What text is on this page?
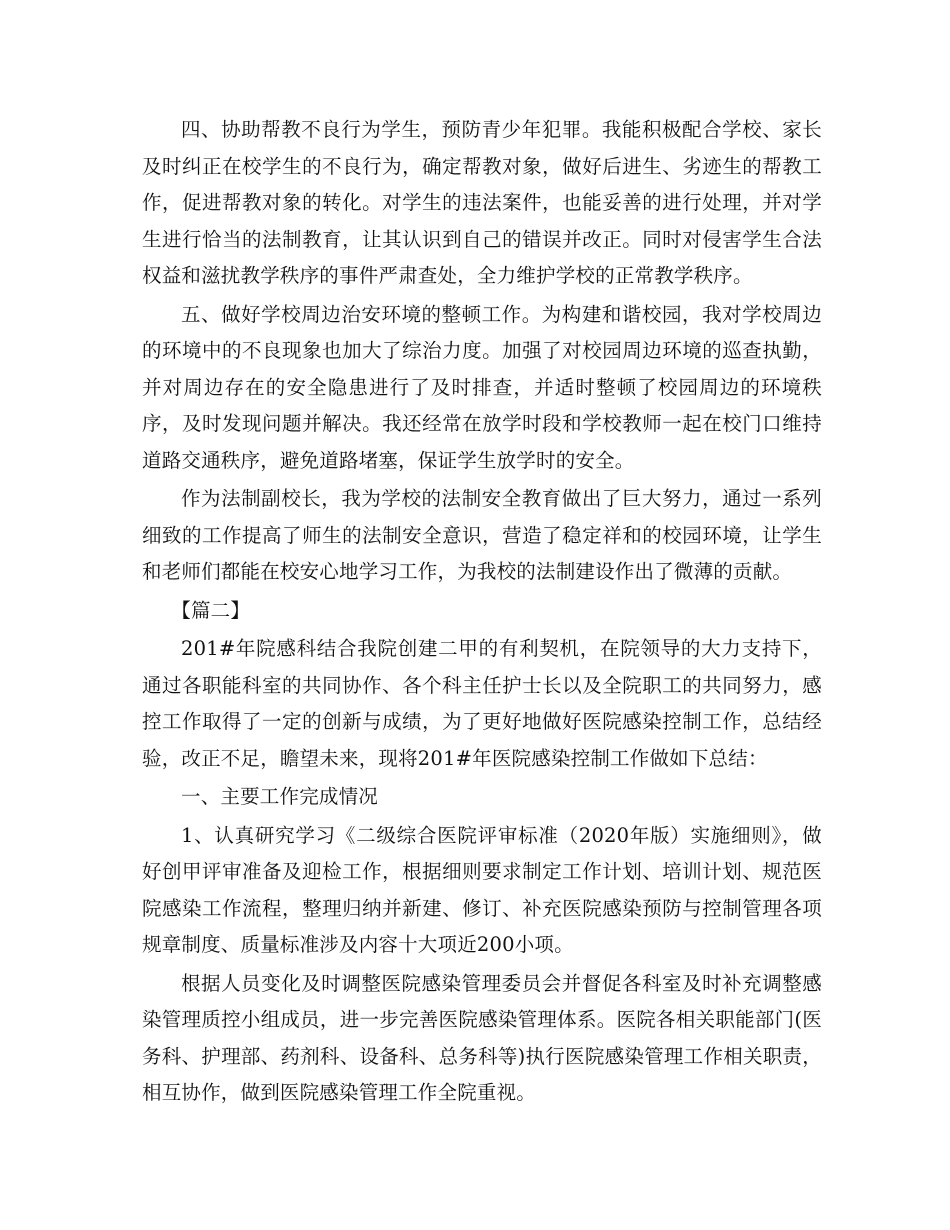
四、协助帮教不良行为学生，预防青少年犯罪。我能积极配合学校、家长及时纠正在校学生的不良行为，确定帮教对象，做好后进生、劣迹生的帮教工作，促进帮教对象的转化。对学生的违法案件，也能妥善的进行处理，并对学生进行恰当的法制教育，让其认识到自己的错误并改正。同时对侵害学生合法权益和滋扰教学秩序的事件严肃查处，全力维护学校的正常教学秩序。

五、做好学校周边治安环境的整顿工作。为构建和谐校园，我对学校周边的环境中的不良现象也加大了综治力度。加强了对校园周边环境的巡查执勤，并对周边存在的安全隐患进行了及时排查，并适时整顿了校园周边的环境秩序，及时发现问题并解决。我还经常在放学时段和学校教师一起在校门口维持道路交通秩序，避免道路堵塞，保证学生放学时的安全。

作为法制副校长，我为学校的法制安全教育做出了巨大努力，通过一系列细致的工作提高了师生的法制安全意识，营造了稳定祥和的校园环境，让学生和老师们都能在校安心地学习工作，为我校的法制建设作出了微薄的贡献。

【篇二】

201#年院感科结合我院创建二甲的有利契机，在院领导的大力支持下，通过各职能科室的共同协作、各个科主任护士长以及全院职工的共同努力，感控工作取得了一定的创新与成绩，为了更好地做好医院感染控制工作，总结经验，改正不足，瞻望未来，现将201#年医院感染控制工作做如下总结：

一、主要工作完成情况

1、认真研究学习《二级综合医院评审标准（2020年版）实施细则》，做好创甲评审准备及迎检工作，根据细则要求制定工作计划、培训计划、规范医院感染工作流程，整理归纳并新建、修订、补充医院感染预防与控制管理各项规章制度、质量标准涉及内容十大项近200小项。

根据人员变化及时调整医院感染管理委员会并督促各科室及时补充调整感染管理质控小组成员，进一步完善医院感染管理体系。医院各相关职能部门(医务科、护理部、药剂科、设备科、总务科等)执行医院感染管理工作相关职责，相互协作，做到医院感染管理工作全院重视。
